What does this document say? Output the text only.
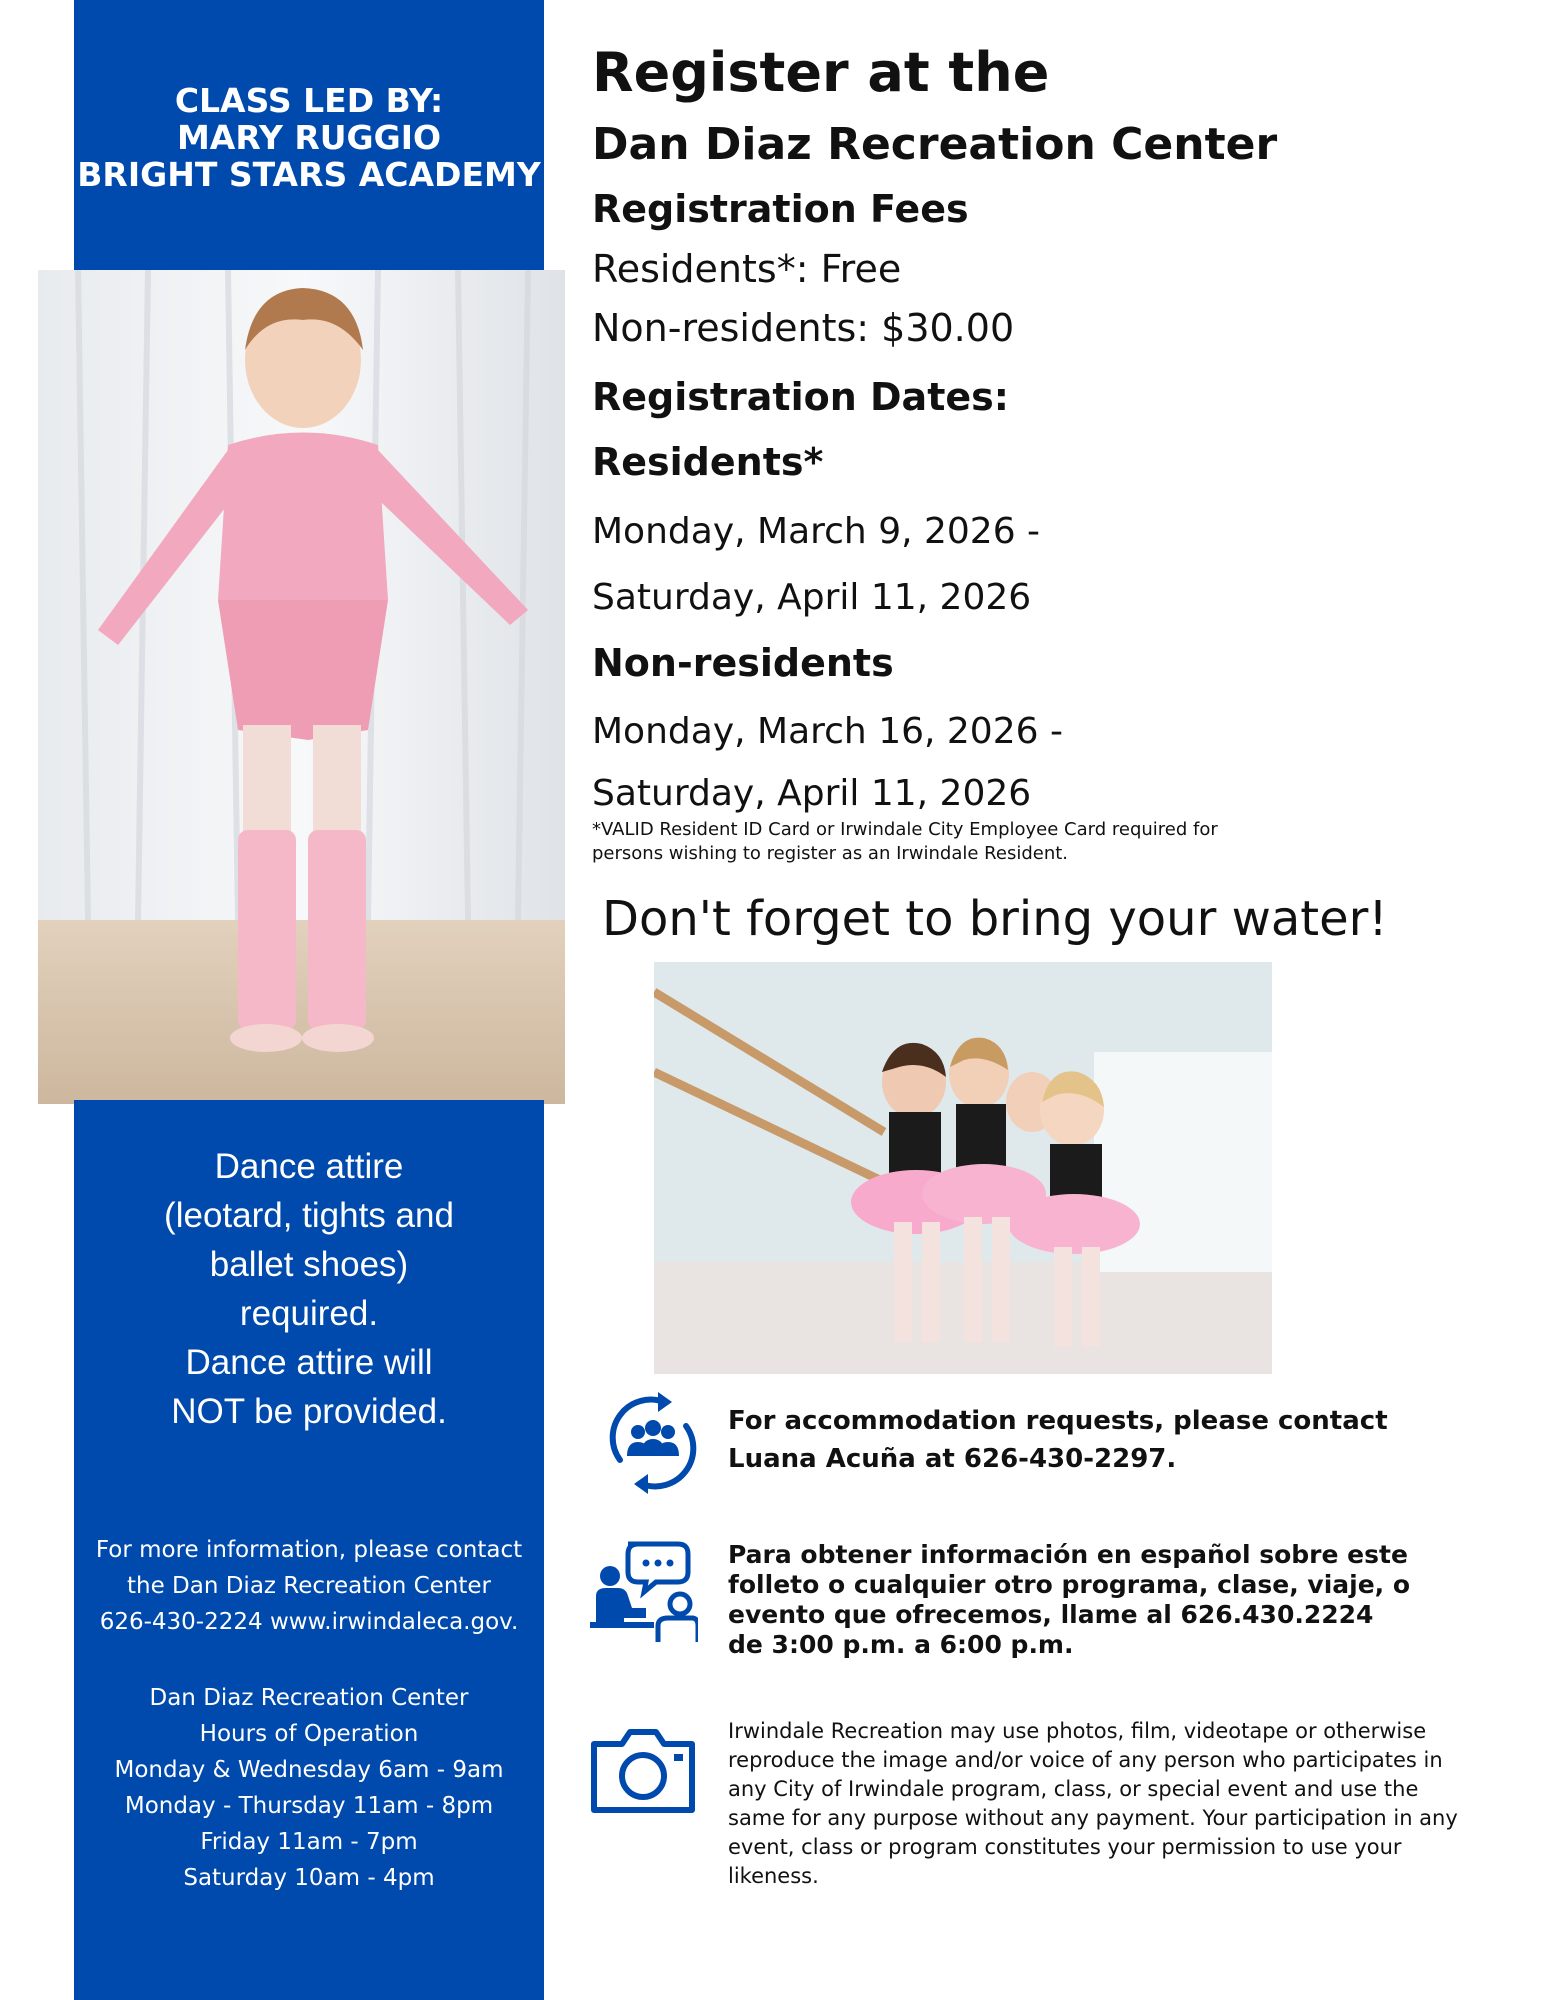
CLASS LED BY:
MARY RUGGIO
BRIGHT STARS ACADEMY
Dance attire
(leotard, tights and
ballet shoes)
required.
Dance attire will
NOT be provided.
For more information, please contact
the Dan Diaz Recreation Center
626-430-2224 www.irwindaleca.gov.
Dan Diaz Recreation Center
Hours of Operation
Monday & Wednesday 6am - 9am
Monday - Thursday 11am - 8pm
Friday 11am - 7pm
Saturday 10am - 4pm
Register at the
Dan Diaz Recreation Center
Registration Fees
Residents*: Free
Non-residents: $30.00
Registration Dates:
Residents*
Monday, March 9, 2026 -
Saturday, April 11, 2026
Non-residents
Monday, March 16, 2026 -
Saturday, April 11, 2026
*VALID Resident ID Card or Irwindale City Employee Card required for persons wishing to register as an Irwindale Resident.
Don't forget to bring your water!
For accommodation requests, please contact
Luana Acuña at 626-430-2297.
Para obtener información en español sobre este
folleto o cualquier otro programa, clase, viaje, o
evento que ofrecemos, llame al 626.430.2224
de 3:00 p.m. a 6:00 p.m.
Irwindale Recreation may use photos, film, videotape or otherwise reproduce the image and/or voice of any person who participates in any City of Irwindale program, class, or special event and use the same for any purpose without any payment. Your participation in any event, class or program constitutes your permission to use your likeness.
